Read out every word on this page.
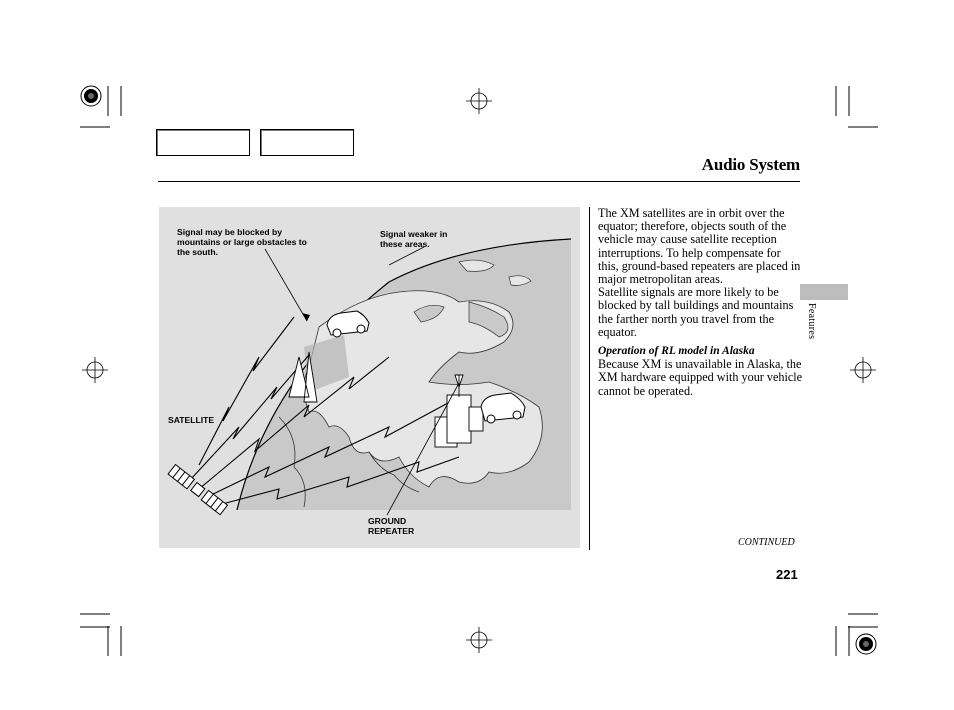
Audio System
Signal may be blocked by
mountains or large obstacles to
the south.
Signal weaker in
these areas.
SATELLITE
GROUND
REPEATER

The XM satellites are in orbit over the equator; therefore, objects south of the vehicle may cause satellite reception interruptions. To help compensate for this, ground-based repeaters are placed in major metropolitan areas.

Satellite signals are more likely to be blocked by tall buildings and mountains the farther north you travel from the equator.

Operation of RL model in Alaska

Because XM is unavailable in Alaska, the XM hardware equipped with your vehicle cannot be operated.

CONTINUED
221
Features
